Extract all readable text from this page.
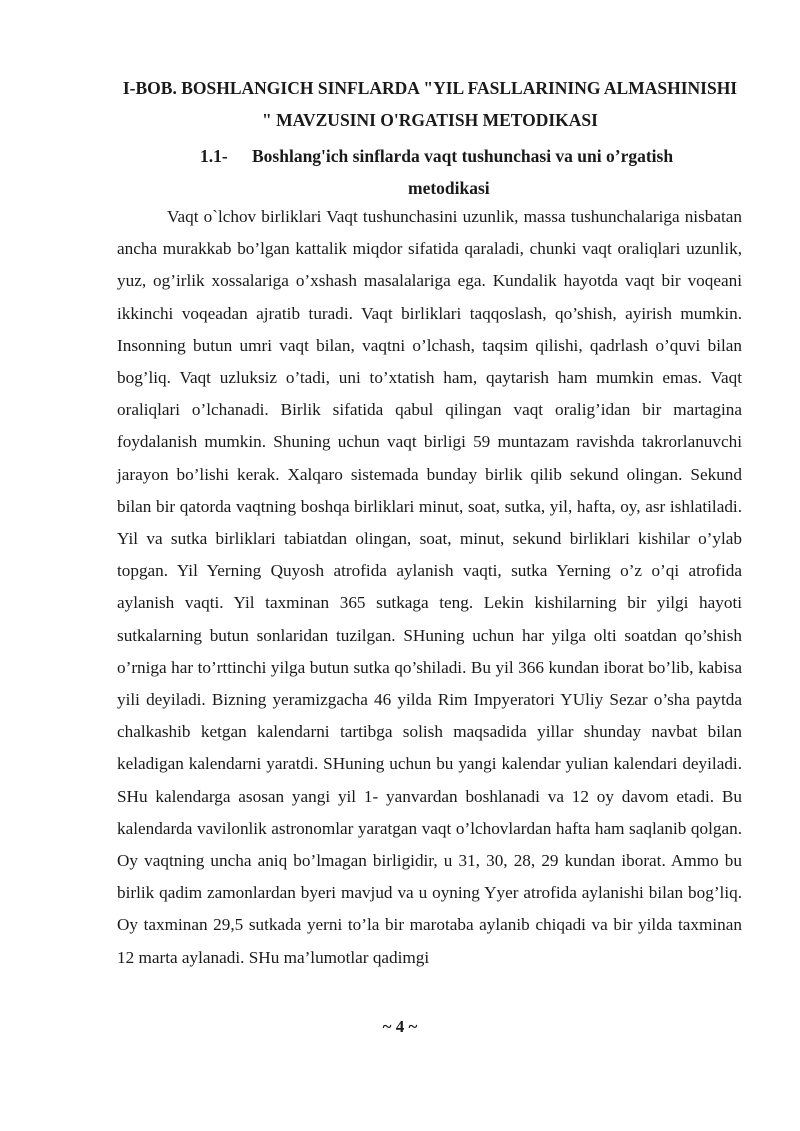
I-BOB. BOSHLANGICH SINFLARDA "YIL FASLLARINING ALMASHINISHI " MAVZUSINI O'RGATISH METODIKASI
1.1- Boshlang'ich sinflarda vaqt tushunchasi va uni o’rgatish
metodikasi

Vaqt o`lchov birliklari Vaqt tushunchasini uzunlik, massa tushunchalariga nisbatan ancha murakkab bo’lgan kattalik miqdor sifatida qaraladi, chunki vaqt oraliqlari uzunlik, yuz, og’irlik xossalariga o’xshash masalalariga ega. Kundalik hayotda vaqt bir voqeani ikkinchi voqeadan ajratib turadi. Vaqt birliklari taqqoslash, qo’shish, ayirish mumkin. Insonning butun umri vaqt bilan, vaqtni o’lchash, taqsim qilishi, qadrlash o’quvi bilan bog’liq. Vaqt uzluksiz o’tadi, uni to’xtatish ham, qaytarish ham mumkin emas. Vaqt oraliqlari o’lchanadi. Birlik sifatida qabul qilingan vaqt oralig’idan bir martagina foydalanish mumkin. Shuning uchun vaqt birligi 59 muntazam ravishda takrorlanuvchi jarayon bo’lishi kerak. Xalqaro sistemada bunday birlik qilib sekund olingan. Sekund bilan bir qatorda vaqtning boshqa birliklari minut, soat, sutka, yil, hafta, oy, asr ishlatiladi. Yil va sutka birliklari tabiatdan olingan, soat, minut, sekund birliklari kishilar o’ylab topgan. Yil Yerning Quyosh atrofida aylanish vaqti, sutka Yerning o’z o’qi atrofida aylanish vaqti. Yil taxminan 365 sutkaga teng. Lekin kishilarning bir yilgi hayoti sutkalarning butun sonlaridan tuzilgan. SHuning uchun har yilga olti soatdan qo’shish o’rniga har to’rttinchi yilga butun sutka qo’shiladi. Bu yil 366 kundan iborat bo’lib, kabisa yili deyiladi. Bizning yeramizgacha 46 yilda Rim Impyeratori YUliy Sezar o’sha paytda chalkashib ketgan kalendarni tartibga solish maqsadida yillar shunday navbat bilan keladigan kalendarni yaratdi. SHuning uchun bu yangi kalendar yulian kalendari deyiladi. SHu kalendarga asosan yangi yil 1- yanvardan boshlanadi va 12 oy davom etadi. Bu kalendarda vavilonlik astronomlar yaratgan vaqt o’lchovlardan hafta ham saqlanib qolgan. Oy vaqtning uncha aniq bo’lmagan birligidir, u 31, 30, 28, 29 kundan iborat. Ammo bu birlik qadim zamonlardan byeri mavjud va u oyning Yyer atrofida aylanishi bilan bog’liq. Oy taxminan 29,5 sutkada yerni to’la bir marotaba aylanib chiqadi va bir yilda taxminan 12 marta aylanadi. SHu ma’lumotlar qadimgi

~ 4 ~
